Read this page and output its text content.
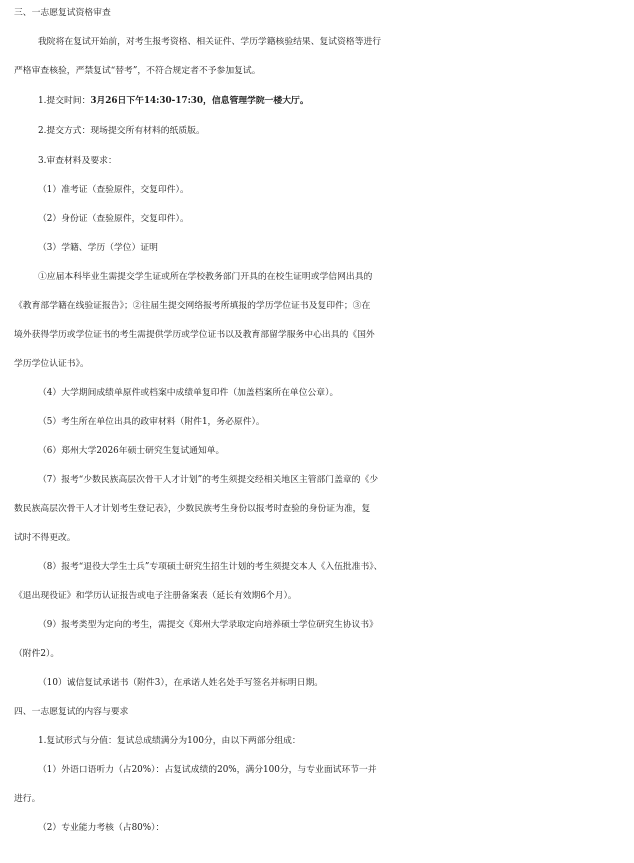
三、一志愿复试资格审查
我院将在复试开始前，对考生报考资格、相关证件、学历学籍核验结果、复试资格等进行
严格审查核验，严禁复试“替考”，不符合规定者不予参加复试。
1.提交时间：3月26日下午14:30-17:30，信息管理学院一楼大厅。
2.提交方式：现场提交所有材料的纸质版。
3.审查材料及要求：
（1）准考证（查验原件，交复印件）。
（2）身份证（查验原件，交复印件）。
（3）学籍、学历（学位）证明
①应届本科毕业生需提交学生证或所在学校教务部门开具的在校生证明或学信网出具的
《教育部学籍在线验证报告》；②往届生提交网络报考所填报的学历学位证书及复印件；③在
境外获得学历或学位证书的考生需提供学历或学位证书以及教育部留学服务中心出具的《国外
学历学位认证书》。
（4）大学期间成绩单原件或档案中成绩单复印件（加盖档案所在单位公章）。
（5）考生所在单位出具的政审材料（附件1，务必原件）。
（6）郑州大学2026年硕士研究生复试通知单。
（7）报考“少数民族高层次骨干人才计划”的考生须提交经相关地区主管部门盖章的《少
数民族高层次骨干人才计划考生登记表》，少数民族考生身份以报考时查验的身份证为准，复
试时不得更改。
（8）报考“退役大学生士兵”专项硕士研究生招生计划的考生须提交本人《入伍批准书》、
《退出现役证》和学历认证报告或电子注册备案表（延长有效期6个月）。
（9）报考类型为定向的考生，需提交《郑州大学录取定向培养硕士学位研究生协议书》
（附件2）。
（10）诚信复试承诺书（附件3），在承诺人姓名处手写签名并标明日期。
四、一志愿复试的内容与要求
1.复试形式与分值：复试总成绩满分为100分，由以下两部分组成：
（1）外语口语听力（占20%）：占复试成绩的20%，满分100分，与专业面试环节一并
进行。
（2）专业能力考核（占80%）：
